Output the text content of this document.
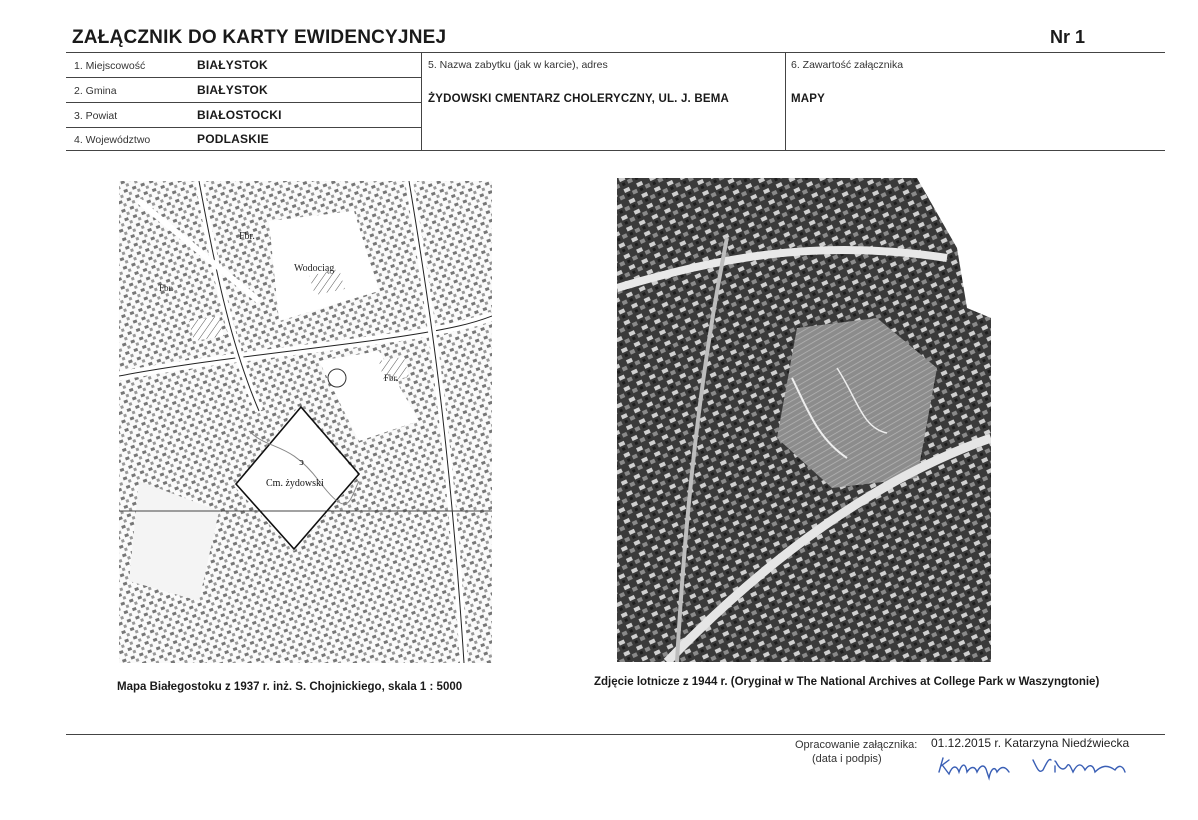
ZAŁĄCZNIK DO KARTY EWIDENCYJNEJ	Nr 1
1. Miejscowość	BIAŁYSTOK
2. Gmina	BIAŁYSTOK
3. Powiat	BIAŁOSTOCKI
4. Województwo	PODLASKIE
5. Nazwa zabytku (jak w karcie), adres
ŻYDOWSKI CMENTARZ CHOLERYCZNY, UL. J. BEMA
6. Zawartość załącznika
MAPY
Fbr.
Wodociąg
Cm. żydowski
ↄ
Fbr.
Fbr.
Mapa Białegostoku z 1937 r. inż. S. Chojnickiego, skala 1 : 5000	Zdjęcie lotnicze z 1944 r. (Oryginał w The National Archives at College Park w Waszyngtonie)
Opracowanie załącznika:
(data i podpis)
01.12.2015 r. Katarzyna Niedźwiecka
